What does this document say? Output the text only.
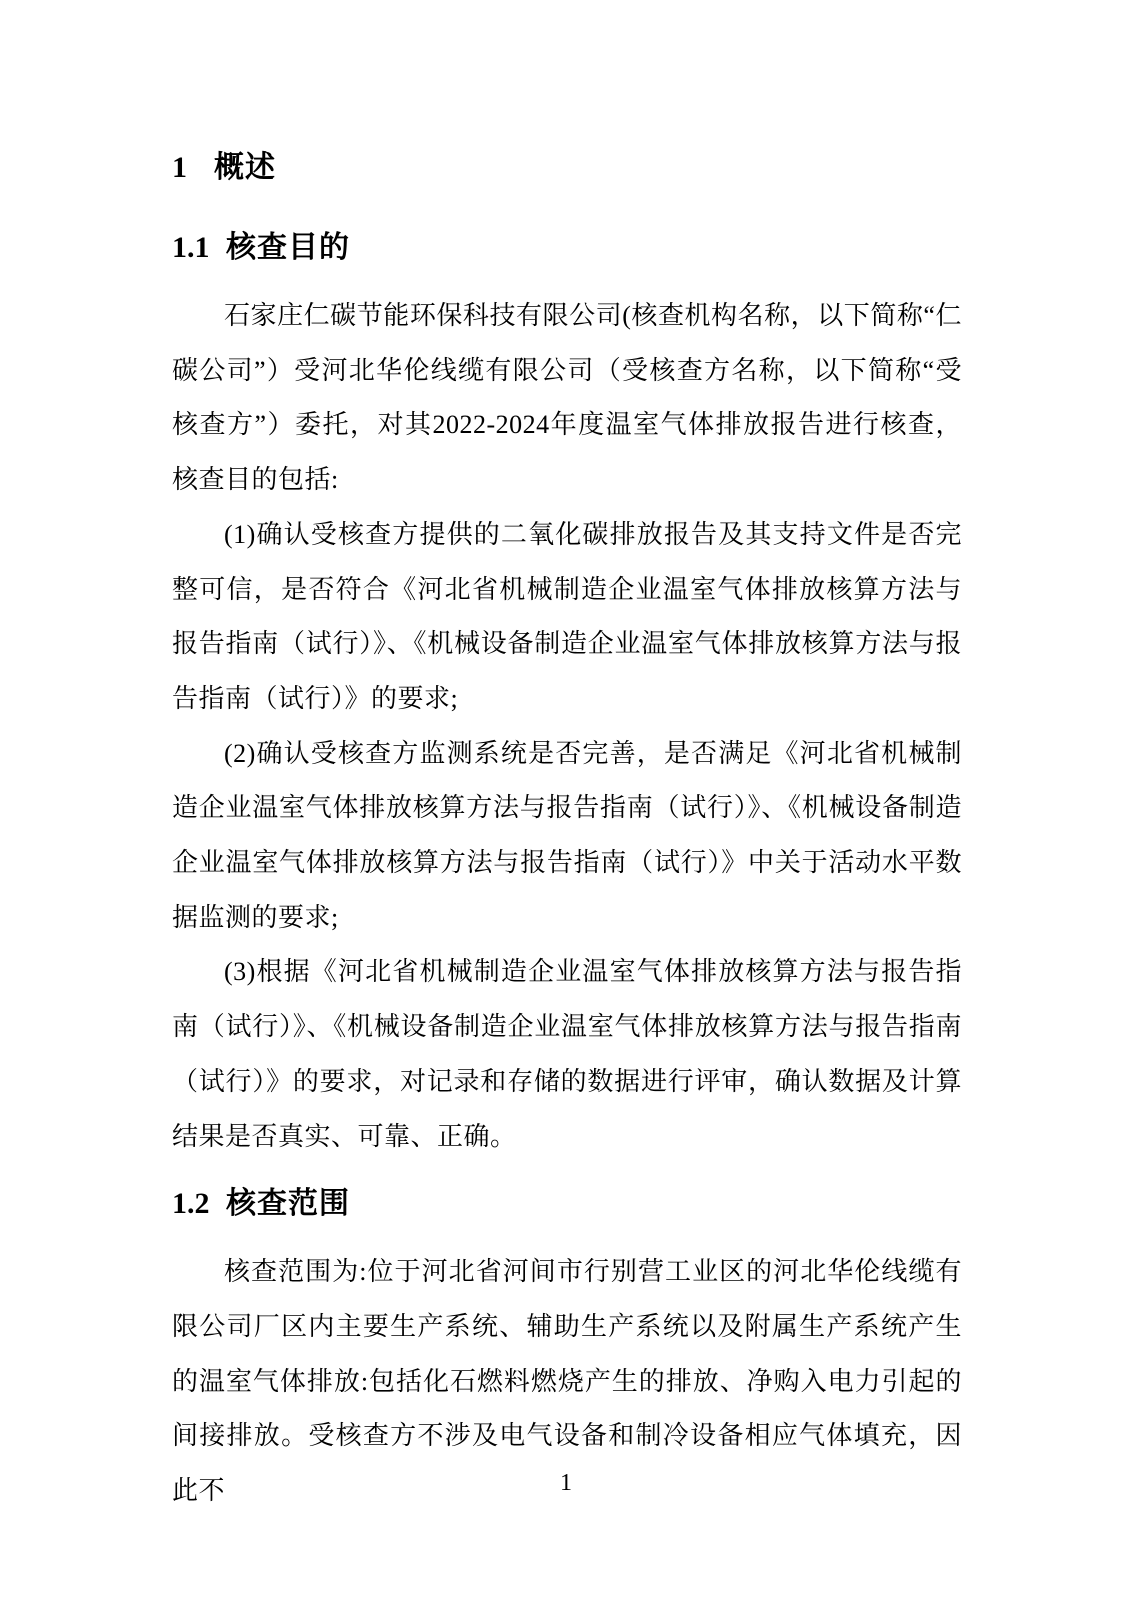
1 概述
1.1 核查目的

石家庄仁碳节能环保科技有限公司(核查机构名称，以下简称“仁碳公司”）受河北华伦线缆有限公司（受核查方名称，以下简称“受核查方”）委托，对其2022-2024年度温室气体排放报告进行核查，核查目的包括:

(1)确认受核查方提供的二氧化碳排放报告及其支持文件是否完整可信，是否符合《河北省机械制造企业温室气体排放核算方法与报告指南（试行）》、《机械设备制造企业温室气体排放核算方法与报告指南（试行）》的要求;

(2)确认受核查方监测系统是否完善，是否满足《河北省机械制造企业温室气体排放核算方法与报告指南（试行）》、《机械设备制造企业温室气体排放核算方法与报告指南（试行）》中关于活动水平数据监测的要求;

(3)根据《河北省机械制造企业温室气体排放核算方法与报告指南（试行）》、《机械设备制造企业温室气体排放核算方法与报告指南（试行）》的要求，对记录和存储的数据进行评审，确认数据及计算结果是否真实、可靠、正确。

1.2 核查范围

核查范围为:位于河北省河间市行别营工业区的河北华伦线缆有限公司厂区内主要生产系统、辅助生产系统以及附属生产系统产生的温室气体排放:包括化石燃料燃烧产生的排放、净购入电力引起的间接排放。受核查方不涉及电气设备和制冷设备相应气体填充，因此不	1
